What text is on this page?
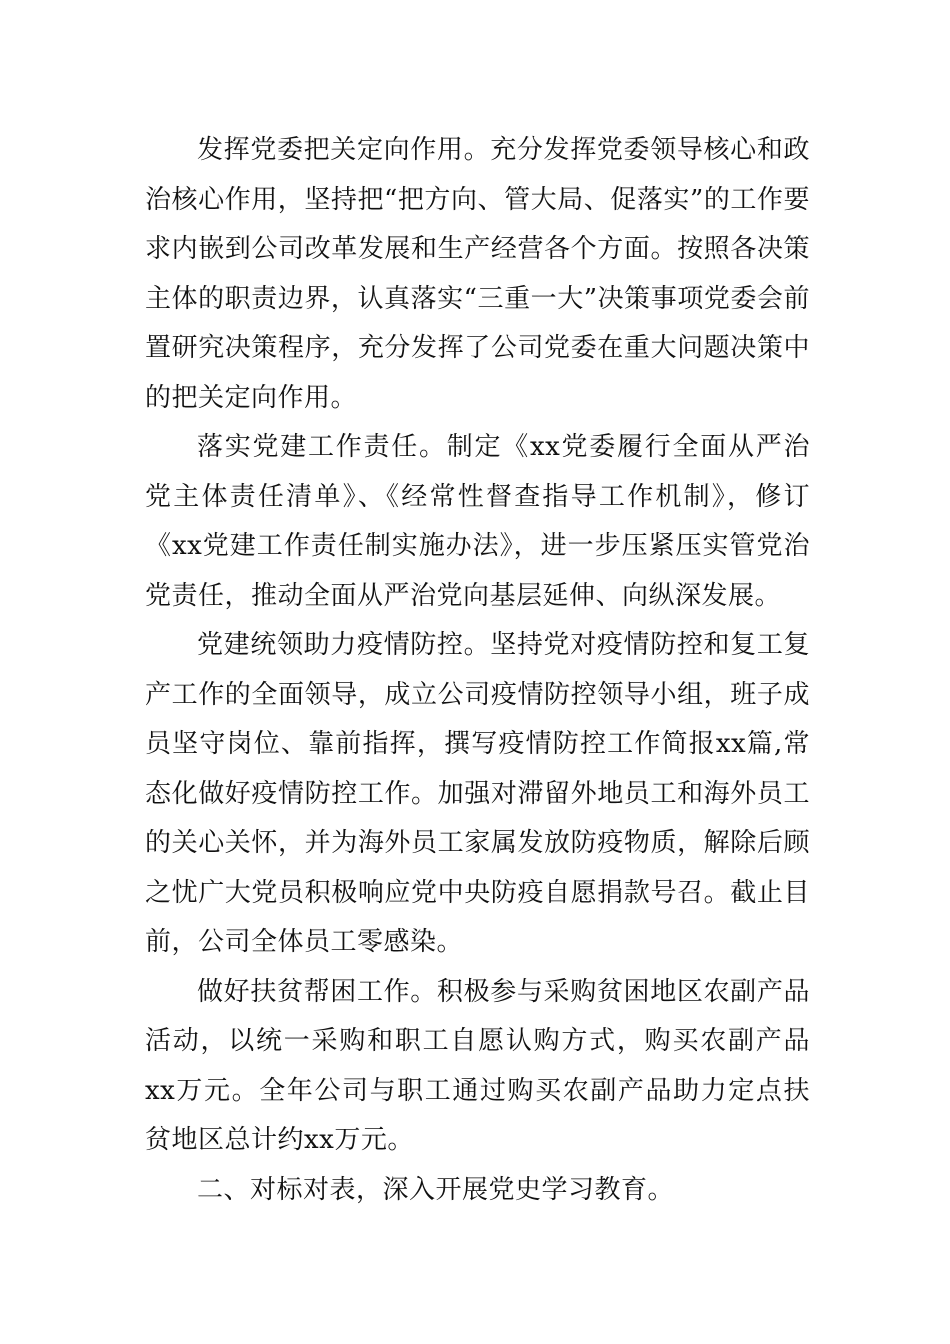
发挥党委把关定向作用。充分发挥党委领导核心和政治核心作用，坚持把“把方向、管大局、促落实”的工作要求内嵌到公司改革发展和生产经营各个方面。按照各决策主体的职责边界，认真落实“三重一大”决策事项党委会前置研究决策程序，充分发挥了公司党委在重大问题决策中的把关定向作用。

落实党建工作责任。制定《xx党委履行全面从严治党主体责任清单》、《经常性督查指导工作机制》，修订《xx党建工作责任制实施办法》，进一步压紧压实管党治党责任，推动全面从严治党向基层延伸、向纵深发展。

党建统领助力疫情防控。坚持党对疫情防控和复工复产工作的全面领导，成立公司疫情防控领导小组，班子成员坚守岗位、靠前指挥，撰写疫情防控工作简报xx篇,常态化做好疫情防控工作。加强对滞留外地员工和海外员工的关心关怀，并为海外员工家属发放防疫物质，解除后顾之忧广大党员积极响应党中央防疫自愿捐款号召。截止目前，公司全体员工零感染。

做好扶贫帮困工作。积极参与采购贫困地区农副产品活动，以统一采购和职工自愿认购方式，购买农副产品xx万元。全年公司与职工通过购买农副产品助力定点扶贫地区总计约xx万元。

二、对标对表，深入开展党史学习教育。
